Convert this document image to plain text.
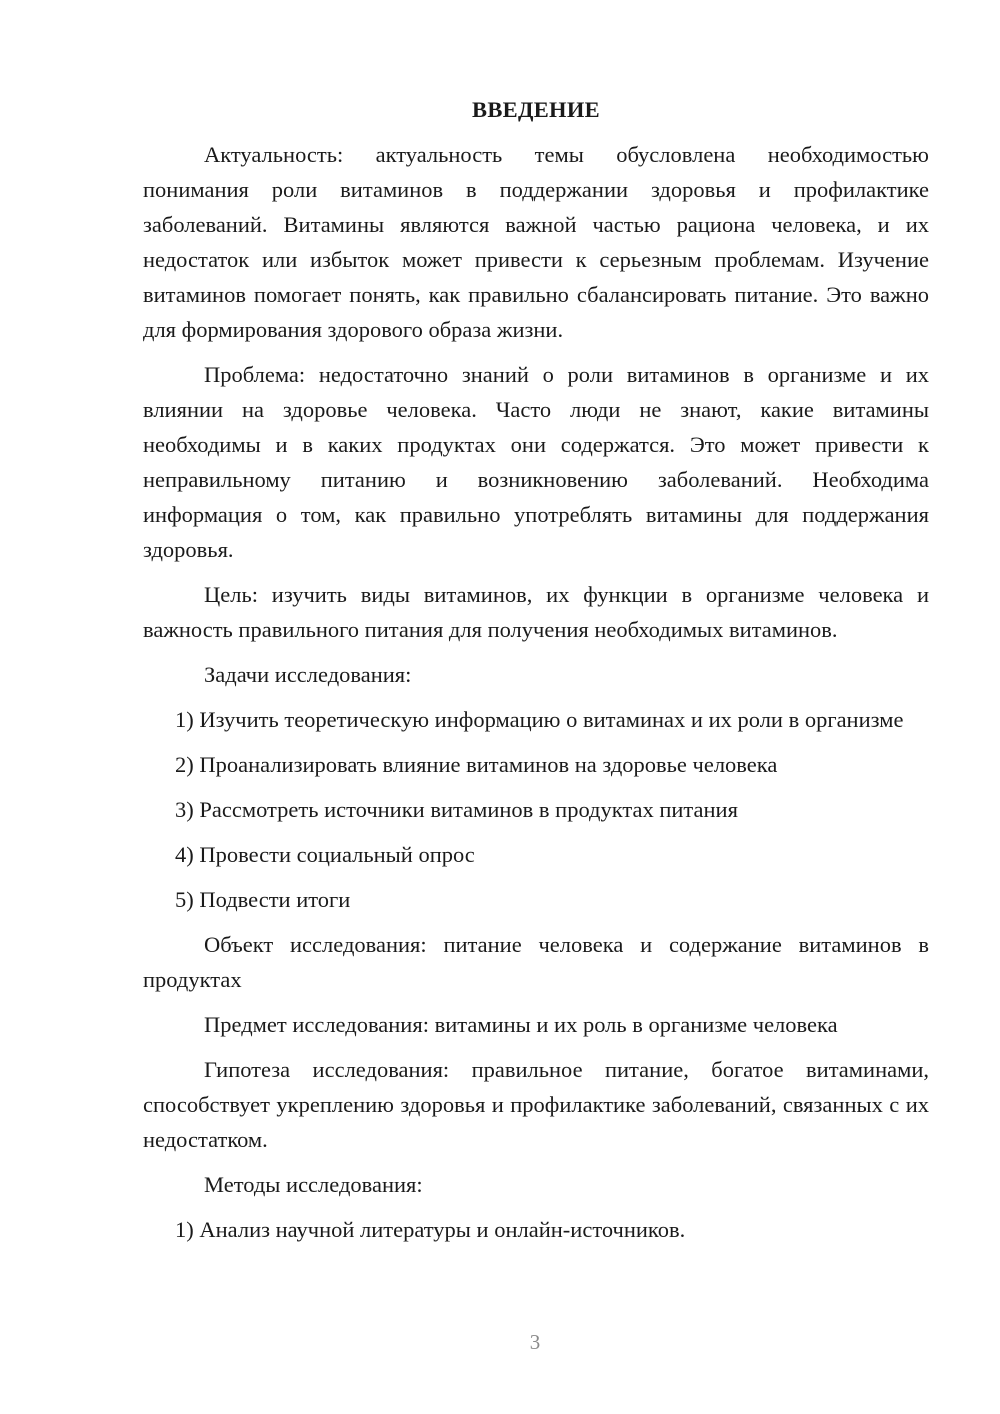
ВВЕДЕНИЕ

Актуальность: актуальность темы обусловлена необходимостью понимания роли витаминов в поддержании здоровья и профилактике заболеваний. Витамины являются важной частью рациона человека, и их недостаток или избыток может привести к серьезным проблемам. Изучение витаминов помогает понять, как правильно сбалансировать питание. Это важно для формирования здорового образа жизни.

Проблема: недостаточно знаний о роли витаминов в организме и их влиянии на здоровье человека. Часто люди не знают, какие витамины необходимы и в каких продуктах они содержатся. Это может привести к неправильному питанию и возникновению заболеваний. Необходима информация о том, как правильно употреблять витамины для поддержания здоровья.

Цель: изучить виды витаминов, их функции в организме человека и важность правильного питания для получения необходимых витаминов.

Задачи исследования:

1) Изучить теоретическую информацию о витаминах и их роли в организме

2) Проанализировать влияние витаминов на здоровье человека

3) Рассмотреть источники витаминов в продуктах питания

4) Провести социальный опрос

5) Подвести итоги

Объект исследования: питание человека и содержание витаминов в продуктах

Предмет исследования: витамины и их роль в организме человека

Гипотеза исследования: правильное питание, богатое витаминами, способствует укреплению здоровья и профилактике заболеваний, связанных с их недостатком.

Методы исследования:

1) Анализ научной литературы и онлайн-источников.

3
